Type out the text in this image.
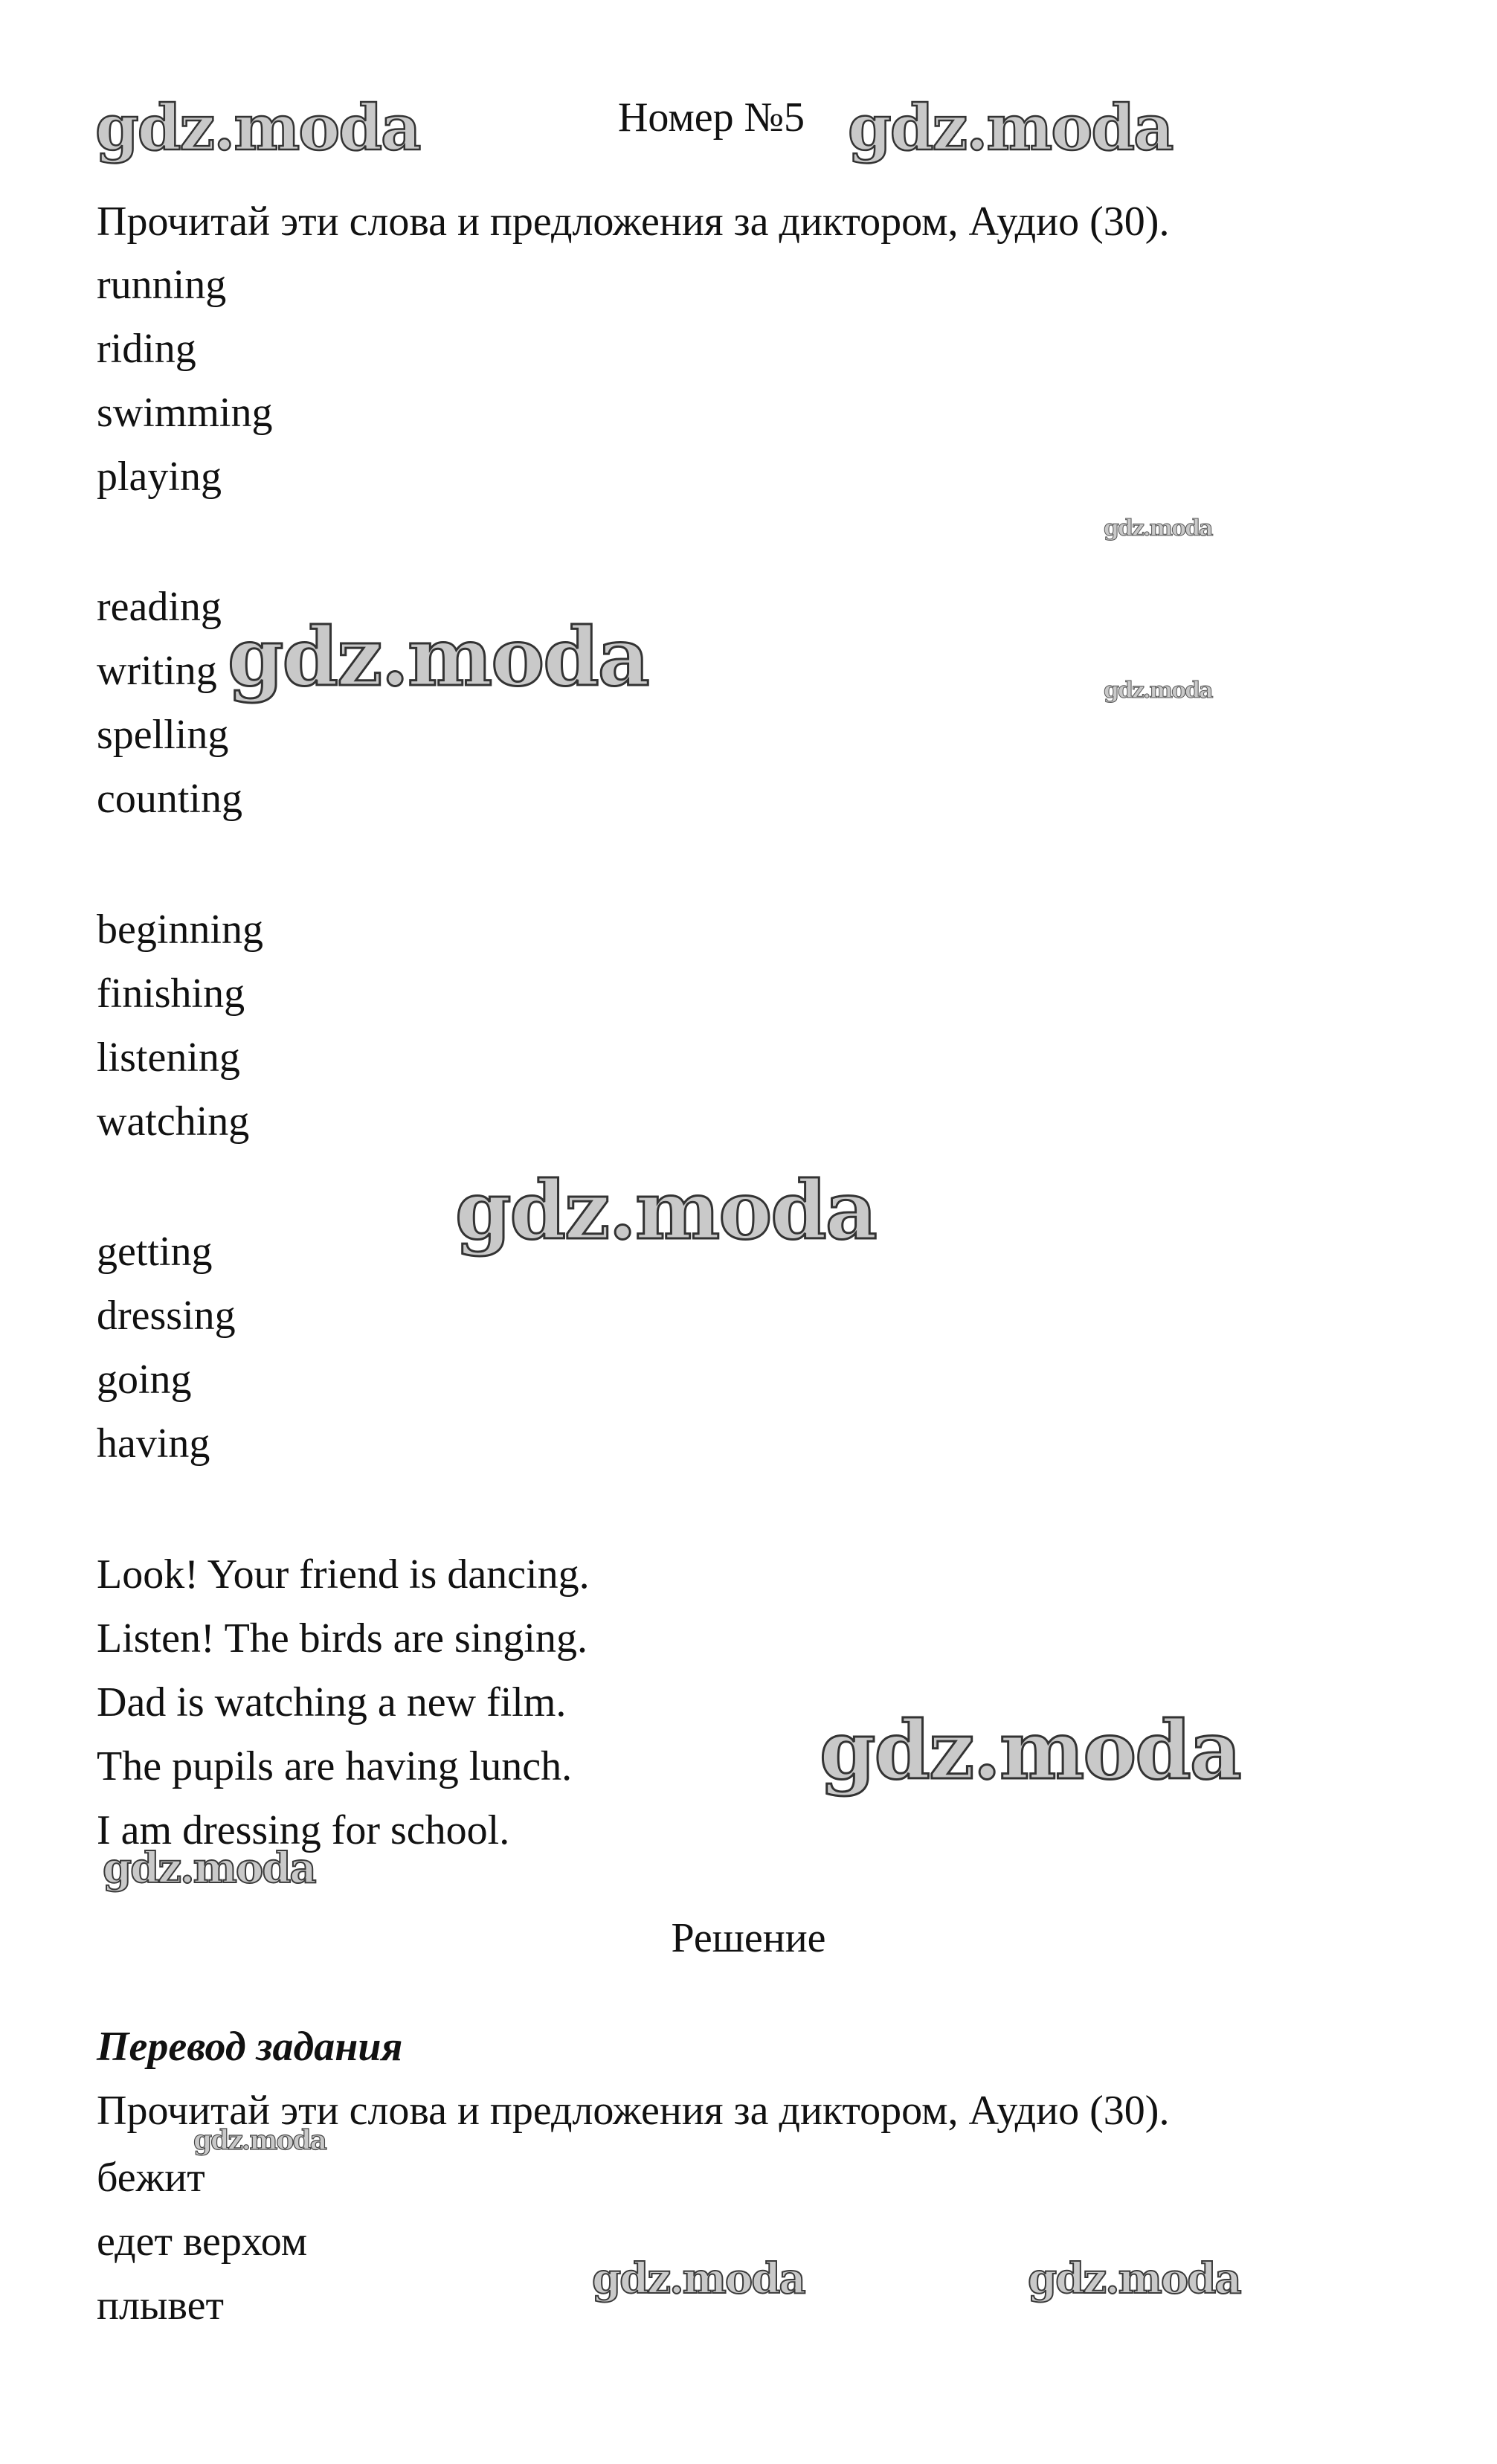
Номер №5
Прочитай эти слова и предложения за диктором, Аудио (30).
running
riding
swimming
playing
reading
writing
spelling
counting
beginning
finishing
listening
watching
getting
dressing
going
having
Look! Your friend is dancing.
Listen! The birds are singing.
Dad is watching a new film.
The pupils are having lunch.
I am dressing for school.
Решение
Перевод задания
Прочитай эти слова и предложения за диктором, Аудио (30).
бежит
едет верхом
плывет
gdz.moda	gdz.moda
gdz.moda
gdz.moda	gdz.moda
gdz.moda
gdz.moda
gdz.moda
gdz.moda
gdz.moda	gdz.moda
